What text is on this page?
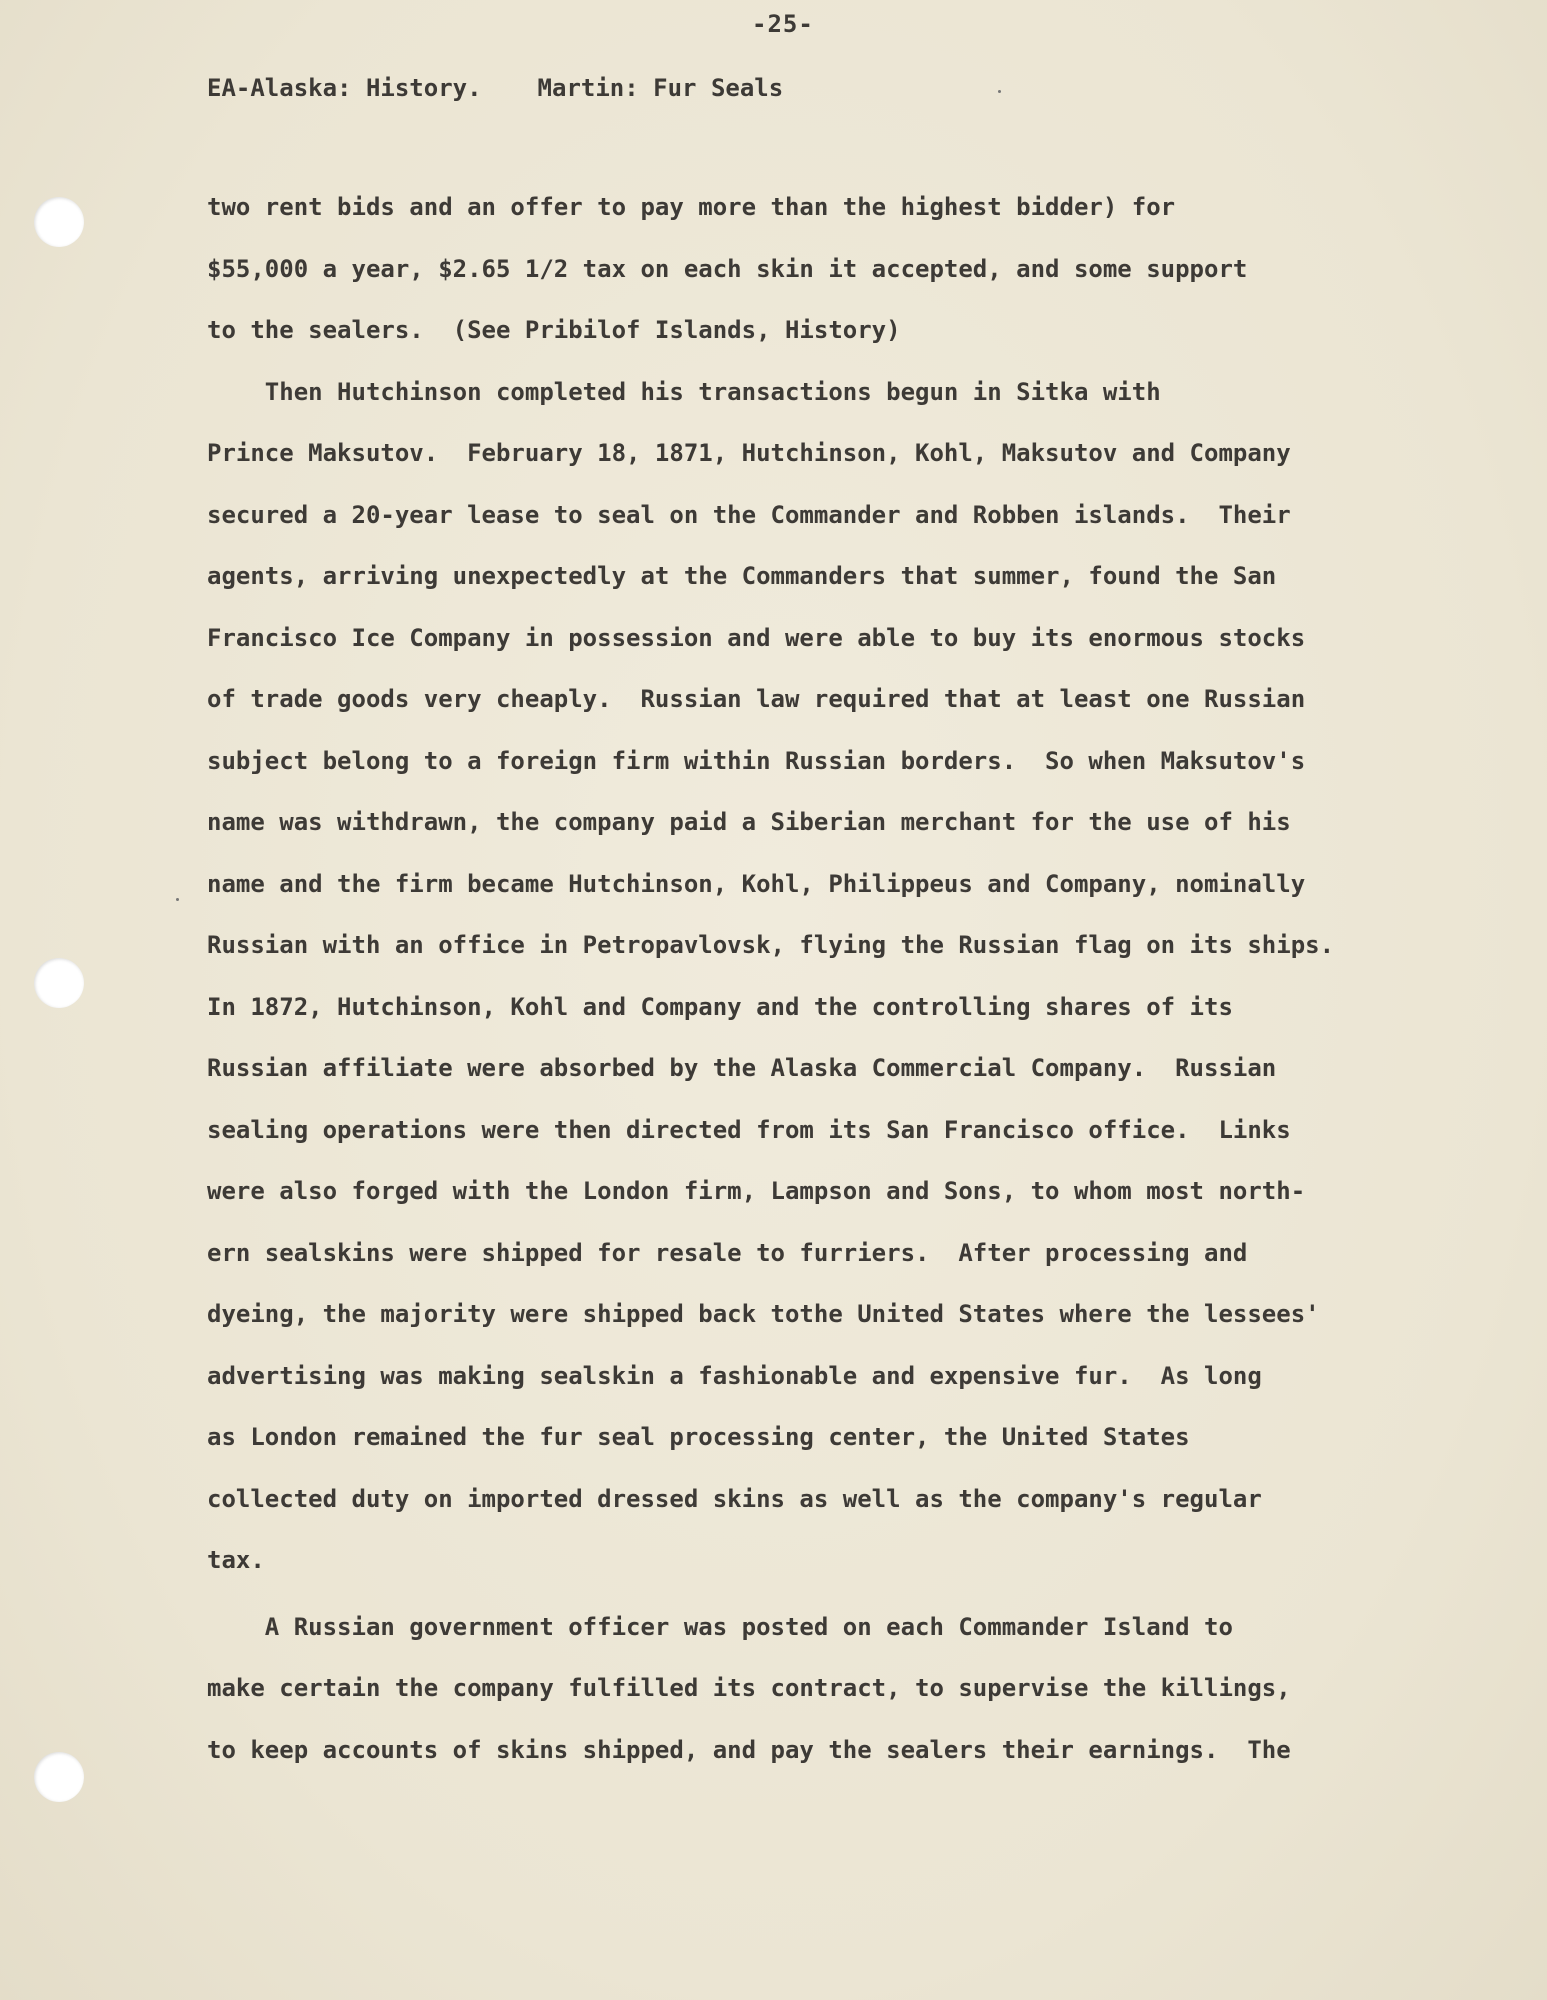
-25-
EA-Alaska: History. Martin: Fur Seals
two rent bids and an offer to pay more than the highest bidder) for
$55,000 a year, $2.65 1/2 tax on each skin it accepted, and some support
to the sealers.  (See Pribilof Islands, History)
Then Hutchinson completed his transactions begun in Sitka with
Prince Maksutov.  February 18, 1871, Hutchinson, Kohl, Maksutov and Company
secured a 20-year lease to seal on the Commander and Robben islands.  Their
agents, arriving unexpectedly at the Commanders that summer, found the San
Francisco Ice Company in possession and were able to buy its enormous stocks
of trade goods very cheaply.  Russian law required that at least one Russian
subject belong to a foreign firm within Russian borders.  So when Maksutov's
name was withdrawn, the company paid a Siberian merchant for the use of his
name and the firm became Hutchinson, Kohl, Philippeus and Company, nominally
Russian with an office in Petropavlovsk, flying the Russian flag on its ships.
In 1872, Hutchinson, Kohl and Company and the controlling shares of its
Russian affiliate were absorbed by the Alaska Commercial Company.  Russian
sealing operations were then directed from its San Francisco office.  Links
were also forged with the London firm, Lampson and Sons, to whom most north-
ern sealskins were shipped for resale to furriers.  After processing and
dyeing, the majority were shipped back tothe United States where the lessees'
advertising was making sealskin a fashionable and expensive fur.  As long
as London remained the fur seal processing center, the United States
collected duty on imported dressed skins as well as the company's regular
tax.
A Russian government officer was posted on each Commander Island to
make certain the company fulfilled its contract, to supervise the killings,
to keep accounts of skins shipped, and pay the sealers their earnings.  The
